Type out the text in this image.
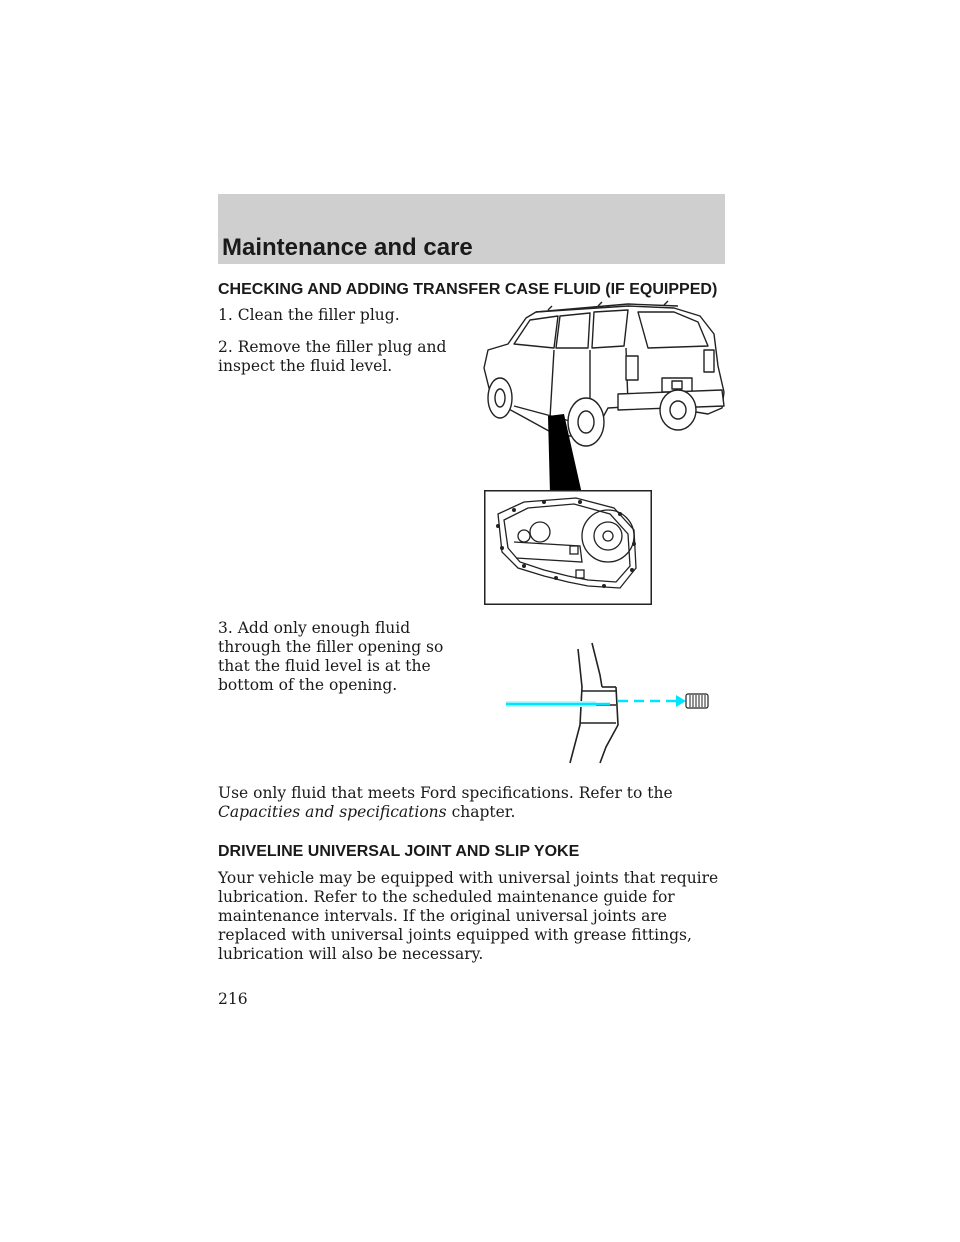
Maintenance and care
CHECKING AND ADDING TRANSFER CASE FLUID (IF EQUIPPED)

1. Clean the filler plug.

2. Remove the filler plug and inspect the fluid level.

3. Add only enough fluid through the filler opening so that the fluid level is at the bottom of the opening.

Use only fluid that meets Ford specifications. Refer to the Capacities and specifications chapter.

DRIVELINE UNIVERSAL JOINT AND SLIP YOKE

Your vehicle may be equipped with universal joints that require lubrication. Refer to the scheduled maintenance guide for maintenance intervals. If the original universal joints are replaced with universal joints equipped with grease fittings, lubrication will also be necessary.

216
